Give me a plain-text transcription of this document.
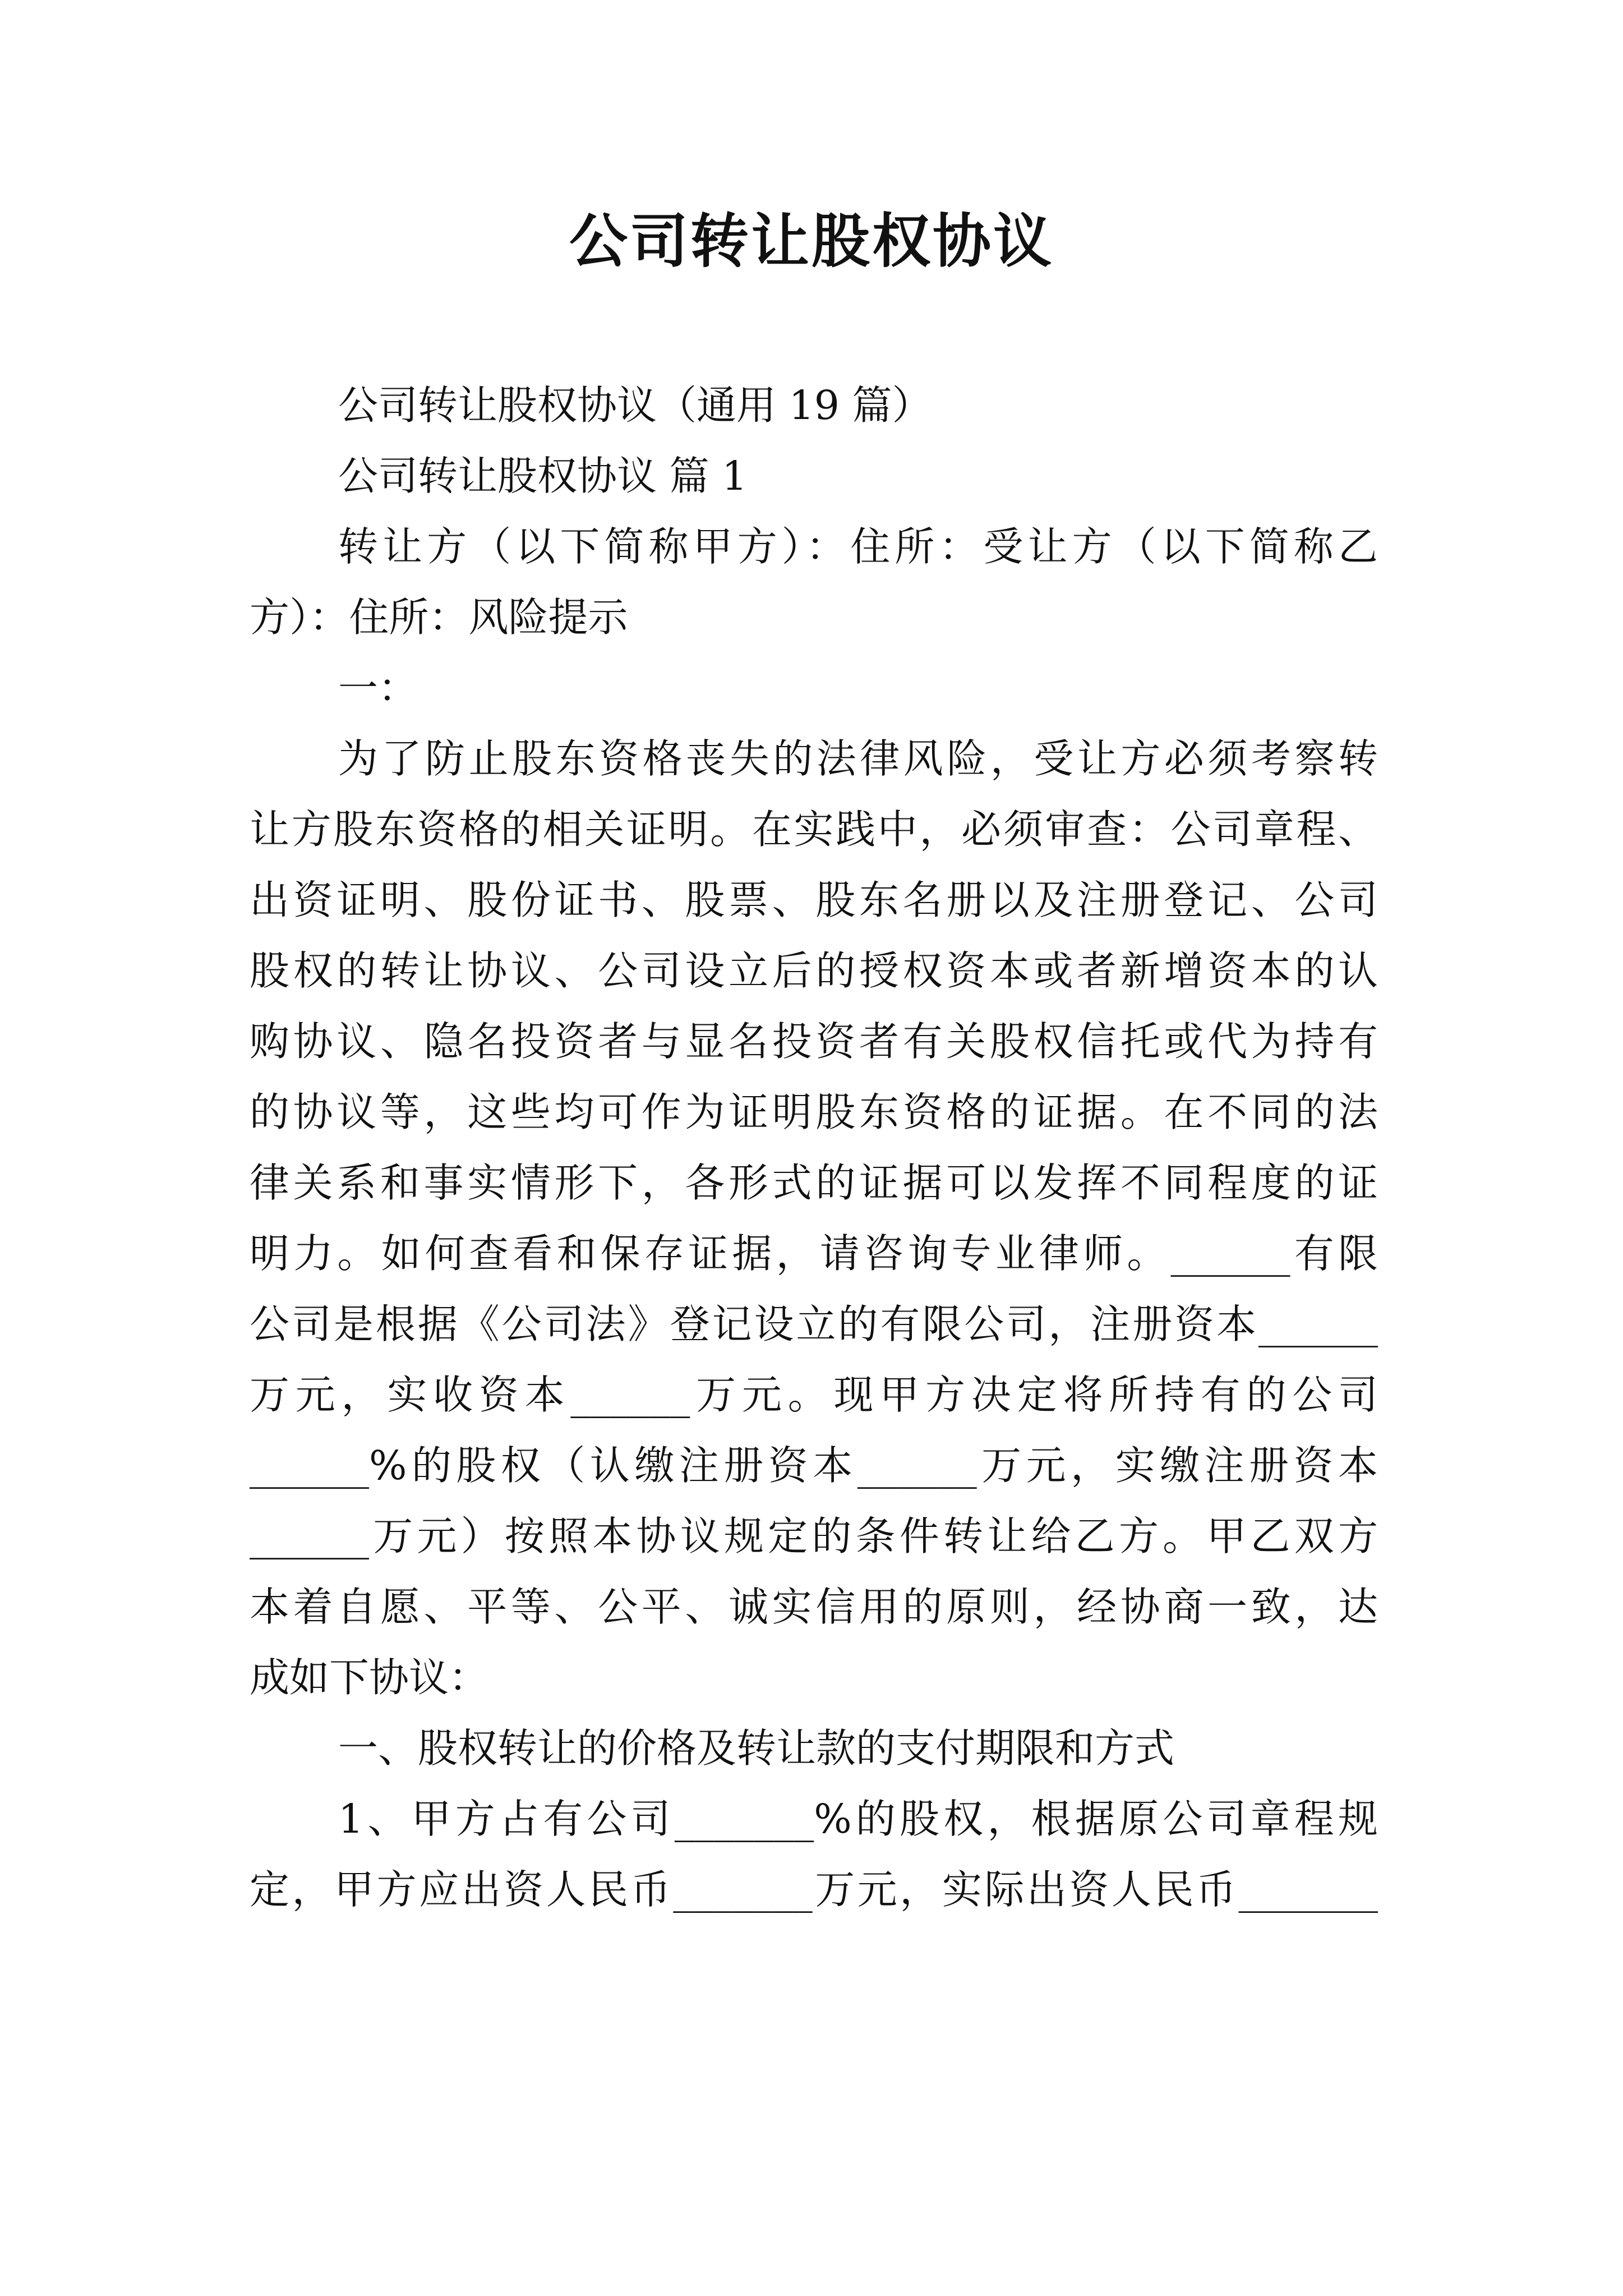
公司转让股权协议
公司转让股权协议（通用 19 篇）
公司转让股权协议 篇 1
转让方（以下简称甲方）：住所：受让方（以下简称乙
方）：住所：风险提示
一：
为了防止股东资格丧失的法律风险，受让方必须考察转
让方股东资格的相关证明。在实践中，必须审查：公司章程、
出资证明、股份证书、股票、股东名册以及注册登记、公司
股权的转让协议、公司设立后的授权资本或者新增资本的认
购协议、隐名投资者与显名投资者有关股权信托或代为持有
的协议等，这些均可作为证明股东资格的证据。在不同的法
律关系和事实情形下，各形式的证据可以发挥不同程度的证
明力。如何查看和保存证据，请咨询专业律师。______有限
公司是根据《公司法》登记设立的有限公司，注册资本______
万元，实收资本______万元。现甲方决定将所持有的公司
______%的股权（认缴注册资本______万元，实缴注册资本
______万元）按照本协议规定的条件转让给乙方。甲乙双方
本着自愿、平等、公平、诚实信用的原则，经协商一致，达
成如下协议：
一、股权转让的价格及转让款的支付期限和方式
1、甲方占有公司_______%的股权，根据原公司章程规
定，甲方应出资人民币_______万元，实际出资人民币_______
